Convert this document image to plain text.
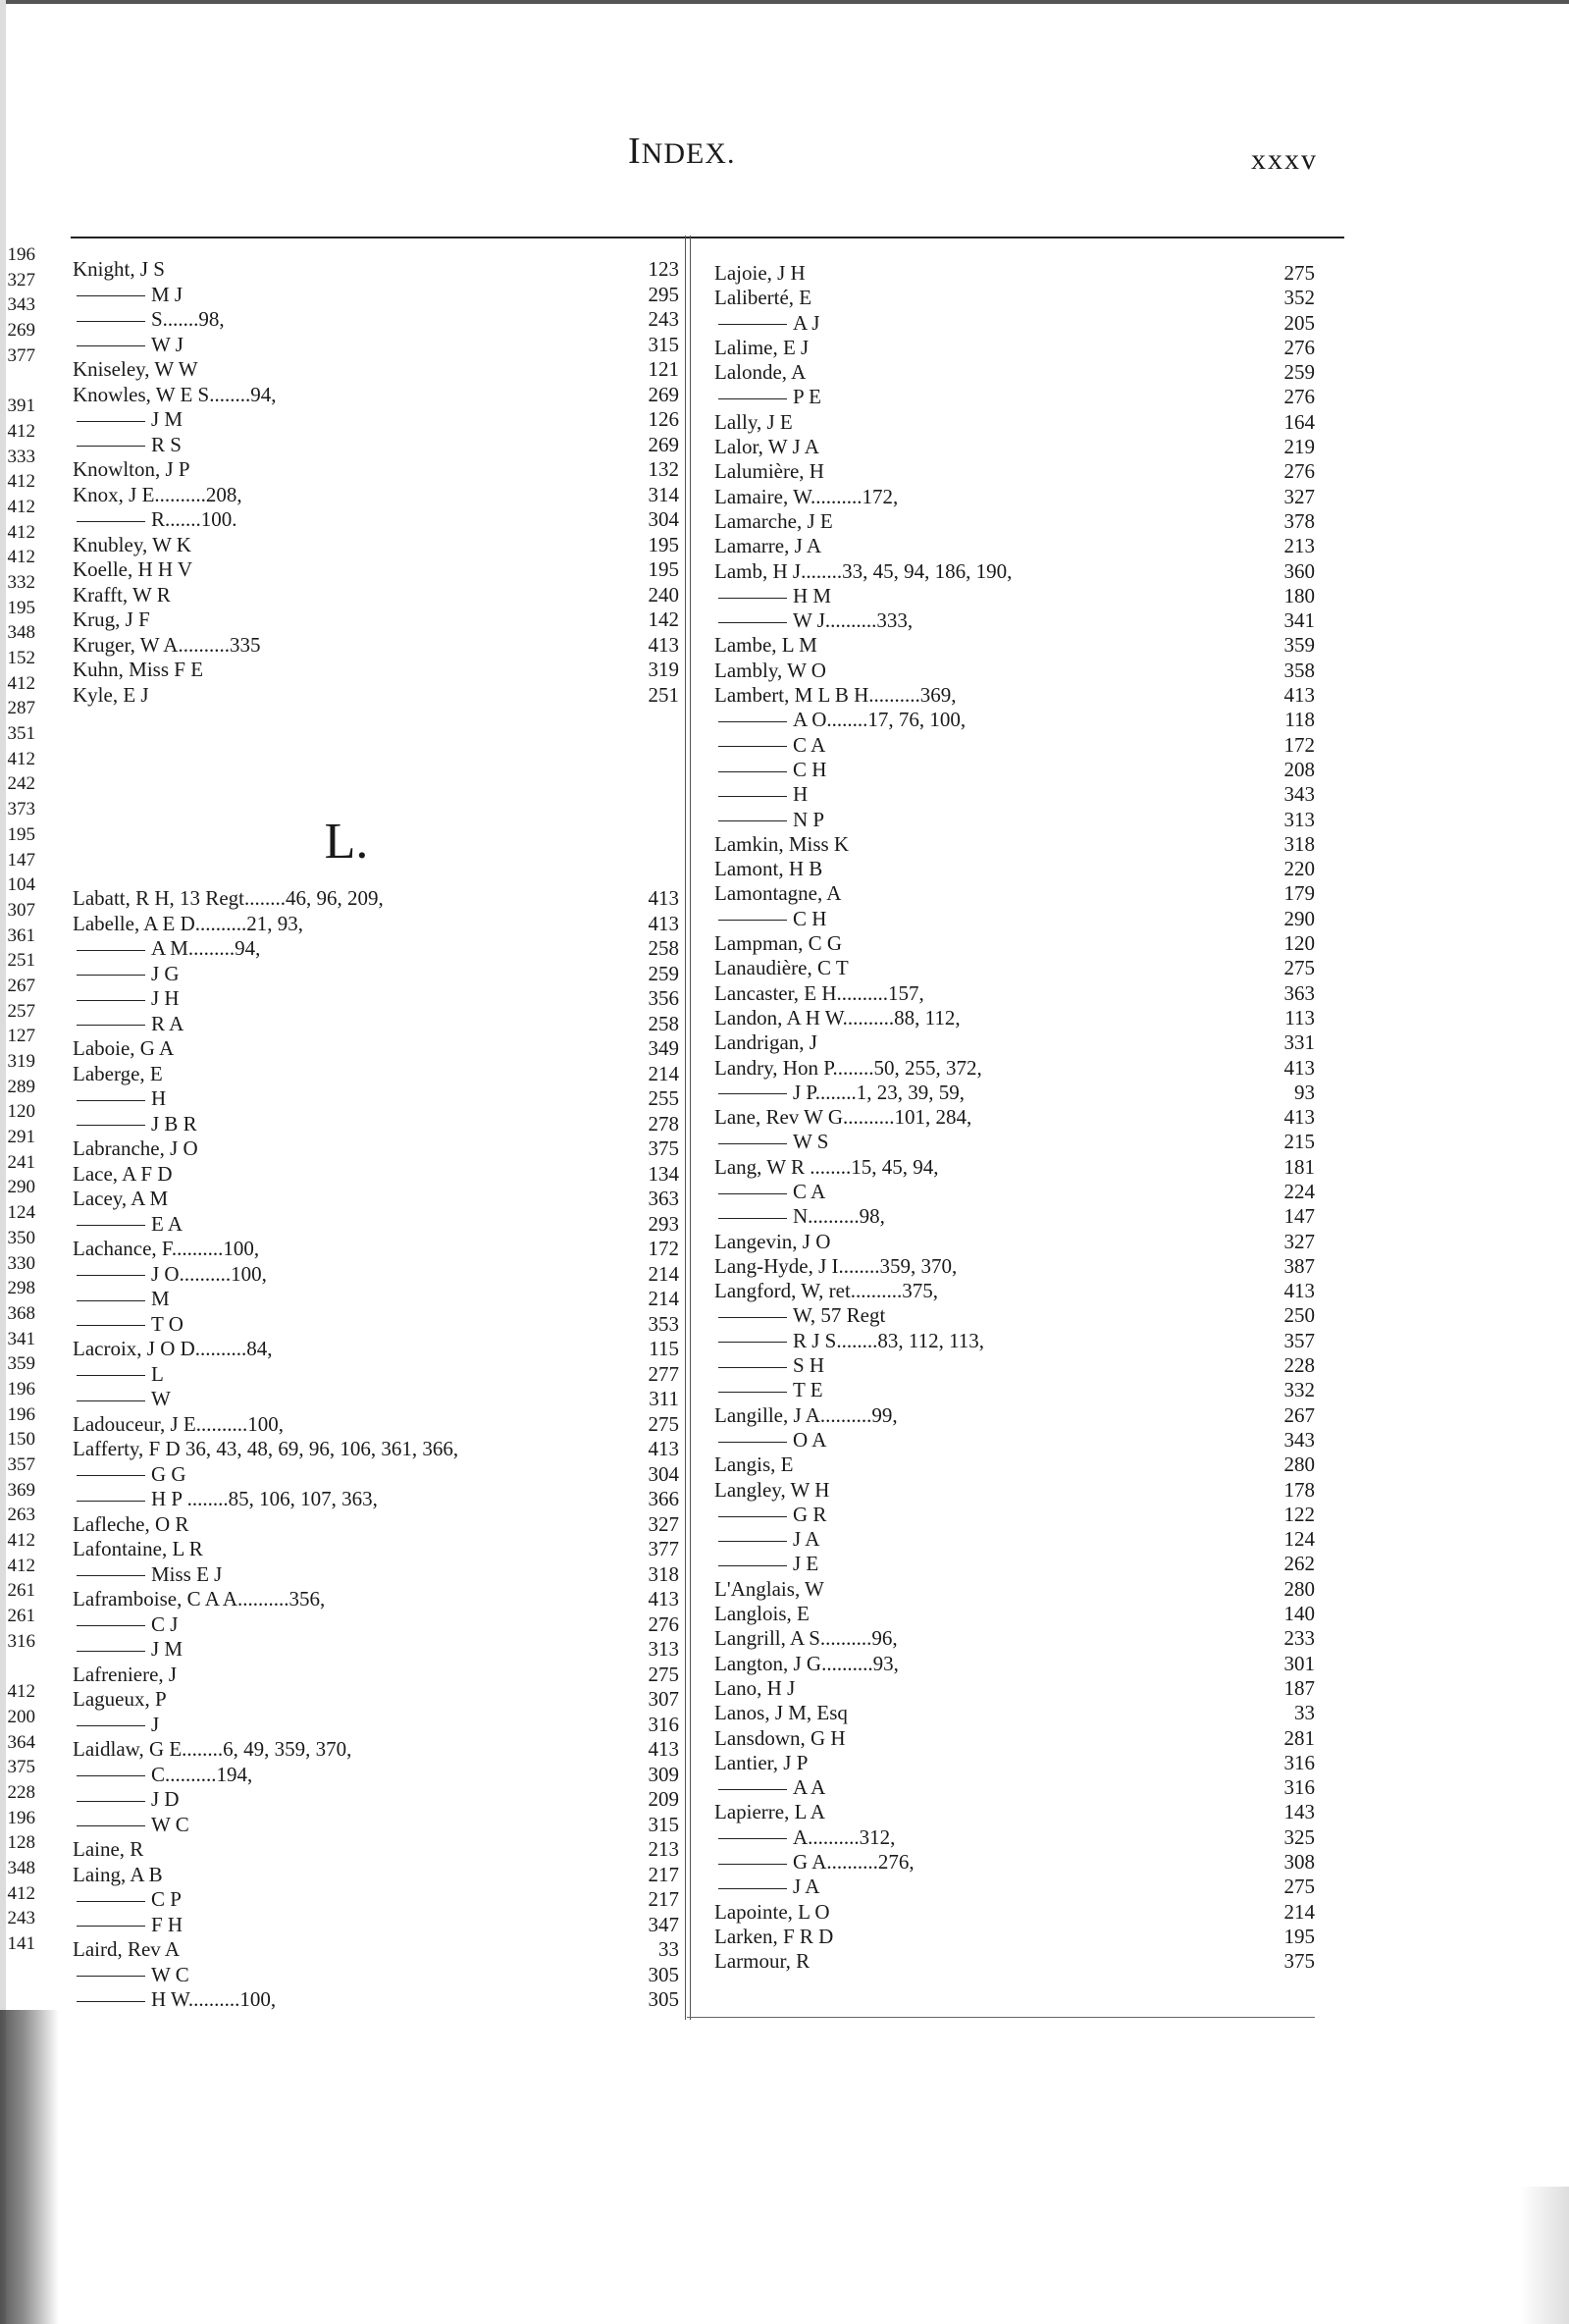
INDEX.	xxxv
196
327
343
269
377
391
412
333
412
412
412
412
332
195
348
152
412
287
351
412
242
373
195
147
104
307
361
251
267
257
127
319
289
120
291
241
290
124
350
330
298
368
341
359
196
196
150
357
369
263
412
412
261
261
316
412
200
364
375
228
196
128
348
412
243
141
Knight, J S	123
M J	295
S.......98,	243
W J	315
Kniseley, W W	121
Knowles, W E S........94,	269
J M	126
R S	269
Knowlton, J P	132
Knox, J E..........208,	314
R.......100.	304
Knubley, W K	195
Koelle, H H V	195
Krafft, W R	240
Krug, J F	142
Kruger, W A..........335	413
Kuhn, Miss F E	319
Kyle, E J	251
L.
Labatt, R H, 13 Regt........46, 96, 209,	413
Labelle, A E D..........21, 93,	413
A M.........94,	258
J G	259
J H	356
R A	258
Laboie, G A	349
Laberge, E	214
H	255
J B R	278
Labranche, J O	375
Lace, A F D	134
Lacey, A M	363
E A	293
Lachance, F..........100,	172
J O..........100,	214
M	214
T O	353
Lacroix, J O D..........84,	115
L	277
W	311
Ladouceur, J E..........100,	275
Lafferty, F D 36, 43, 48, 69, 96, 106, 361, 366,	413
G G	304
H P ........85, 106, 107, 363,	366
Lafleche, O R	327
Lafontaine, L R	377
Miss E J	318
Laframboise, C A A..........356,	413
C J	276
J M	313
Lafreniere, J	275
Lagueux, P	307
J	316
Laidlaw, G E........6, 49, 359, 370,	413
C..........194,	309
J D	209
W C	315
Laine, R	213
Laing, A B	217
C P	217
F H	347
Laird, Rev A	33
W C	305
H W..........100,	305
Lajoie, J H	275
Laliberté, E	352
A J	205
Lalime, E J	276
Lalonde, A	259
P E	276
Lally, J E	164
Lalor, W J A	219
Lalumière, H	276
Lamaire, W..........172,	327
Lamarche, J E	378
Lamarre, J A	213
Lamb, H J........33, 45, 94, 186, 190,	360
H M	180
W J..........333,	341
Lambe, L M	359
Lambly, W O	358
Lambert, M L B H..........369,	413
A O........17, 76, 100,	118
C A	172
C H	208
H	343
N P	313
Lamkin, Miss K	318
Lamont, H B	220
Lamontagne, A	179
C H	290
Lampman, C G	120
Lanaudière, C T	275
Lancaster, E H..........157,	363
Landon, A H W..........88, 112,	113
Landrigan, J	331
Landry, Hon P........50, 255, 372,	413
J P........1, 23, 39, 59,	93
Lane, Rev W G..........101, 284,	413
W S	215
Lang, W R ........15, 45, 94,	181
C A	224
N..........98,	147
Langevin, J O	327
Lang-Hyde, J I........359, 370,	387
Langford, W, ret..........375,	413
W, 57 Regt	250
R J S........83, 112, 113,	357
S H	228
T E	332
Langille, J A..........99,	267
O A	343
Langis, E	280
Langley, W H	178
G R	122
J A	124
J E	262
L'Anglais, W	280
Langlois, E	140
Langrill, A S..........96,	233
Langton, J G..........93,	301
Lano, H J	187
Lanos, J M, Esq	33
Lansdown, G H	281
Lantier, J P	316
A A	316
Lapierre, L A	143
A..........312,	325
G A..........276,	308
J A	275
Lapointe, L O	214
Larken, F R D	195
Larmour, R	375
